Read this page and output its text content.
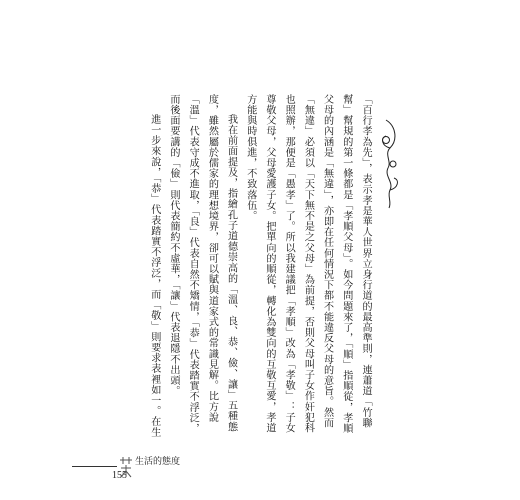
「百行孝為先」，表示孝是華人世界立身行道的最高準則，連蕭道「竹聯幫」幫規的第一條都是「孝順父母」。如今問題來了，「順」指順從，孝順父母的內涵是「無違」，亦即在任何情況下都不能違反父母的意旨。然而「無違」必須以「天下無不是之父母」為前提，否則父母叫子女作奸犯科也照辦，那便是「愚孝」了。所以我建議把「孝順」改為「孝敬」：子女尊敬父母，父母愛護子女。把單向的順從，轉化為雙向的互敬互愛，孝道方能與時俱進，不致落伍。

我在前面提及，指繪孔子道德崇高的「溫、良、恭、儉、讓」五種態度，雖然屬於儒家的理想境界，卻可以賦與道家式的常識見解。比方說「溫」代表守成不進取，「良」代表自然不矯情，「恭」代表踏實不浮泛，而後面要講的「儉」則代表簡約不虛華，「讓」代表退隱不出頭。

進一步來說，「恭」代表踏實不浮泛，而「敬」則要求表裡如一。在生

155
生活的態度
